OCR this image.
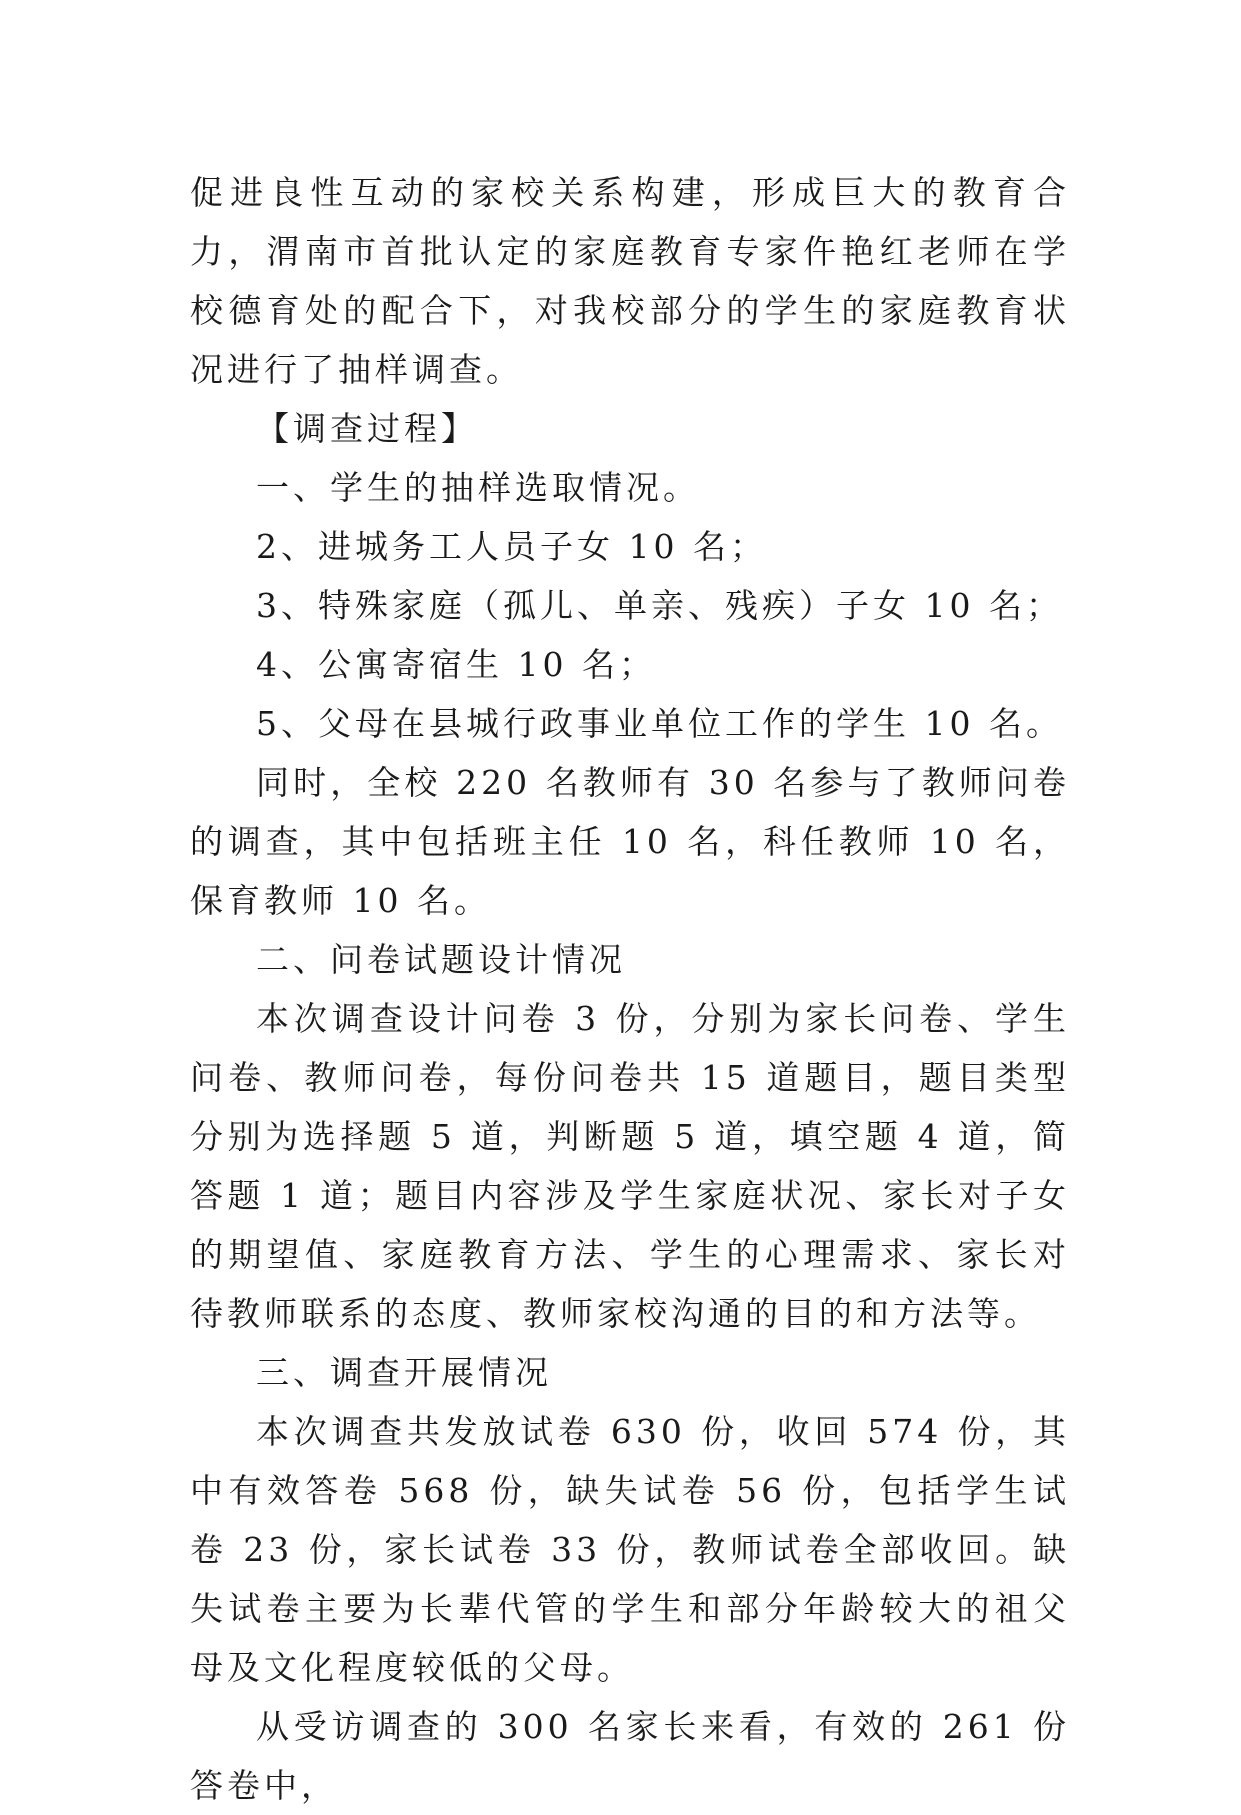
促进良性互动的家校关系构建，形成巨大的教育合力，渭南市首批认定的家庭教育专家仵艳红老师在学校德育处的配合下，对我校部分的学生的家庭教育状况进行了抽样调查。

【调查过程】

一、学生的抽样选取情况。

2、进城务工人员子女 10 名；

3、特殊家庭（孤儿、单亲、残疾）子女 10 名；

4、公寓寄宿生 10 名；

5、父母在县城行政事业单位工作的学生 10 名。

同时，全校 220 名教师有 30 名参与了教师问卷的调查，其中包括班主任 10 名，科任教师 10 名，保育教师 10 名。

二、问卷试题设计情况

本次调查设计问卷 3 份，分别为家长问卷、学生问卷、教师问卷，每份问卷共 15 道题目，题目类型分别为选择题 5 道，判断题 5 道，填空题 4 道，简答题 1 道；题目内容涉及学生家庭状况、家长对子女的期望值、家庭教育方法、学生的心理需求、家长对待教师联系的态度、教师家校沟通的目的和方法等。

三、调查开展情况

本次调查共发放试卷 630 份，收回 574 份，其中有效答卷 568 份，缺失试卷 56 份，包括学生试卷 23 份，家长试卷 33 份，教师试卷全部收回。缺失试卷主要为长辈代管的学生和部分年龄较大的祖父母及文化程度较低的父母。

从受访调查的 300 名家长来看，有效的 261 份答卷中，
